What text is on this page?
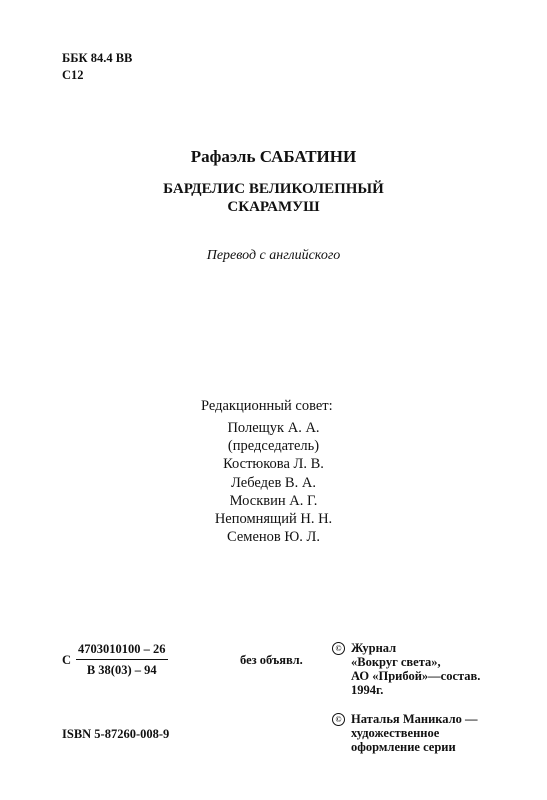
ББК 84.4 ВВ
С12
Рафаэль САБАТИНИ
БАРДЕЛИС ВЕЛИКОЛЕПНЫЙ
СКАРАМУШ
Перевод с английского
Редакционный совет:
Полещук А. А.
(председатель)
Костюкова Л. В.
Лебедев В. А.
Москвин А. Г.
Непомнящий Н. Н.
Семенов Ю. Л.
С
4703010100 – 26
В 38(03) – 94
без объявл.
ISBN 5-87260-008-9
© Журнал
«Вокруг света»,
АО «Прибой»—состав.
1994г.
© Наталья Маникало —
художественное
оформление серии
